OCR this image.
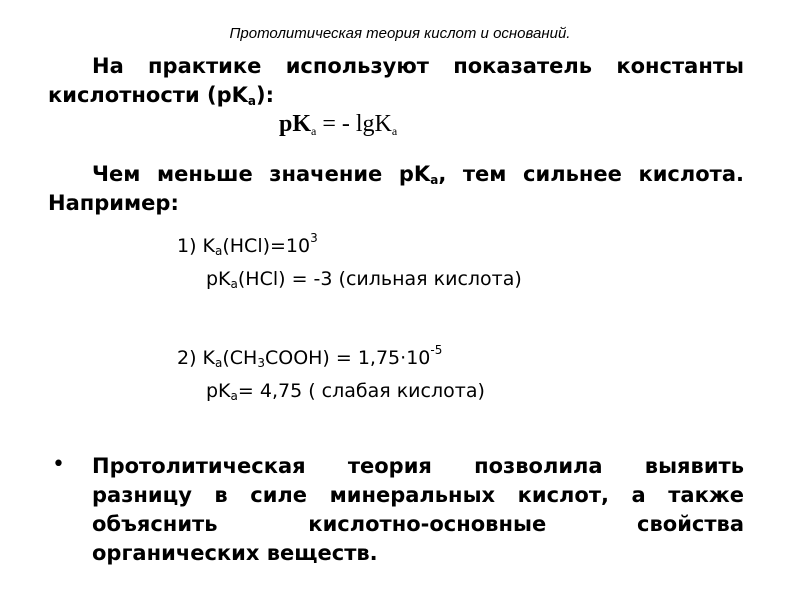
Протолитическая теория кислот и оснований.
На практике используют показатель константы
кислотности $(pK_a)$:
$pK_a$ = - lgK$_a$
Чем меньше значение $pK_a$, тем сильнее кислота.
Например:
1) $K_a(HCl)=10^3$
$pK_a(HCl) = -3$ (сильная кислота)
2) $K_a(CH_3COOH) = 1,75\cdot 10^{-5}$
$pK_a= 4,75$ ( слабая кислота)
• Протолитическая теория позволила выявить
разницу в силе минеральных кислот, а также
объяснить кислотно-основные свойства
органических веществ.
